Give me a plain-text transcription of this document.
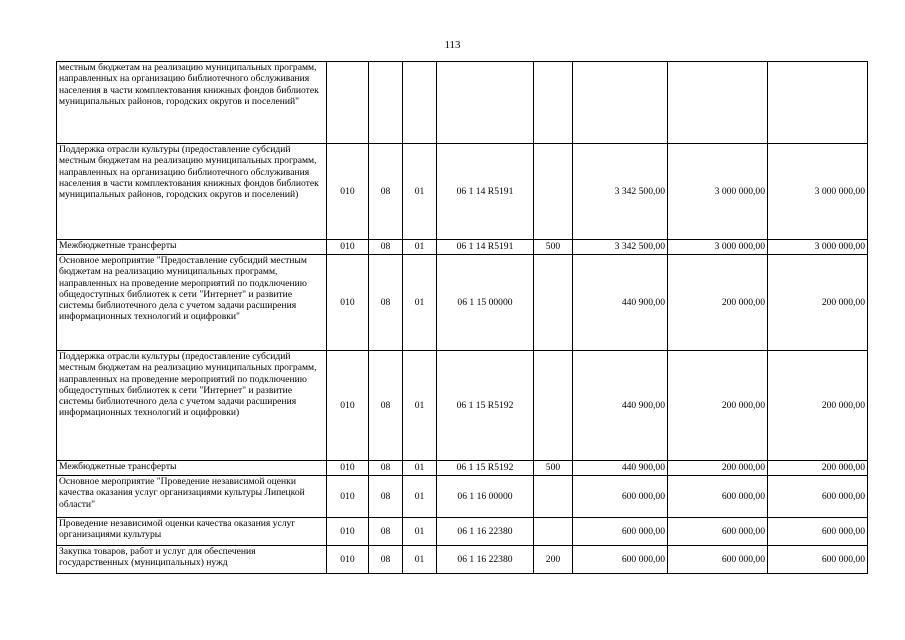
113
местным бюджетам на реализацию муниципальных программ, направленных на организацию библиотечного обслуживания населения в части комплектования книжных фондов библиотек муниципальных районов, городских округов и поселений"								
Поддержка отрасли культуры (предоставление субсидий местным бюджетам на реализацию муниципальных программ, направленных на организацию библиотечного обслуживания населения в части комплектования книжных фондов библиотек муниципальных районов, городских округов и поселений)	010	08	01	06 1 14 R5191		3 342 500,00	3 000 000,00	3 000 000,00
Межбюджетные трансферты	010	08	01	06 1 14 R5191	500	3 342 500,00	3 000 000,00	3 000 000,00
Основное мероприятие "Предоставление субсидий местным бюджетам на реализацию муниципальных программ, направленных на проведение мероприятий по подключению общедоступных библиотек к сети "Интернет" и развитие системы библиотечного дела с учетом задачи расширения информационных технологий и оцифровки"	010	08	01	06 1 15 00000		440 900,00	200 000,00	200 000,00
Поддержка отрасли культуры (предоставление субсидий местным бюджетам на реализацию муниципальных программ, направленных на проведение мероприятий по подключению общедоступных библиотек к сети "Интернет" и развитие системы библиотечного дела с учетом задачи расширения информационных технологий и оцифровки)	010	08	01	06 1 15 R5192		440 900,00	200 000,00	200 000,00
Межбюджетные трансферты	010	08	01	06 1 15 R5192	500	440 900,00	200 000,00	200 000,00
Основное мероприятие "Проведение независимой оценки качества оказания услуг организациями культуры Липецкой области"	010	08	01	06 1 16 00000		600 000,00	600 000,00	600 000,00
Проведение независимой оценки качества оказания услуг организациями культуры	010	08	01	06 1 16 22380		600 000,00	600 000,00	600 000,00
Закупка товаров, работ и услуг для обеспечения государственных (муниципальных) нужд	010	08	01	06 1 16 22380	200	600 000,00	600 000,00	600 000,00
